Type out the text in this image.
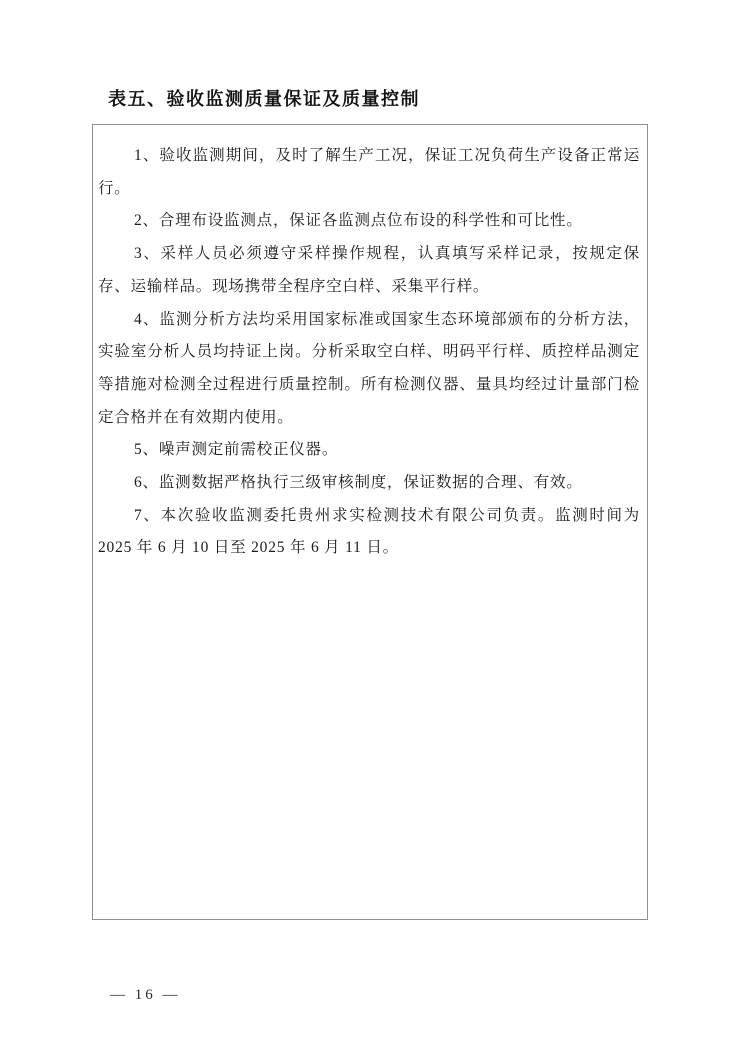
表五、验收监测质量保证及质量控制

1、验收监测期间，及时了解生产工况，保证工况负荷生产设备正常运行。

2、合理布设监测点，保证各监测点位布设的科学性和可比性。

3、采样人员必须遵守采样操作规程，认真填写采样记录，按规定保存、运输样品。现场携带全程序空白样、采集平行样。

4、监测分析方法均采用国家标准或国家生态环境部颁布的分析方法，实验室分析人员均持证上岗。分析采取空白样、明码平行样、质控样品测定等措施对检测全过程进行质量控制。所有检测仪器、量具均经过计量部门检定合格并在有效期内使用。

5、噪声测定前需校正仪器。

6、监测数据严格执行三级审核制度，保证数据的合理、有效。

7、本次验收监测委托贵州求实检测技术有限公司负责。监测时间为 2025 年 6 月 10 日至 2025 年 6 月 11 日。

— 16 —
